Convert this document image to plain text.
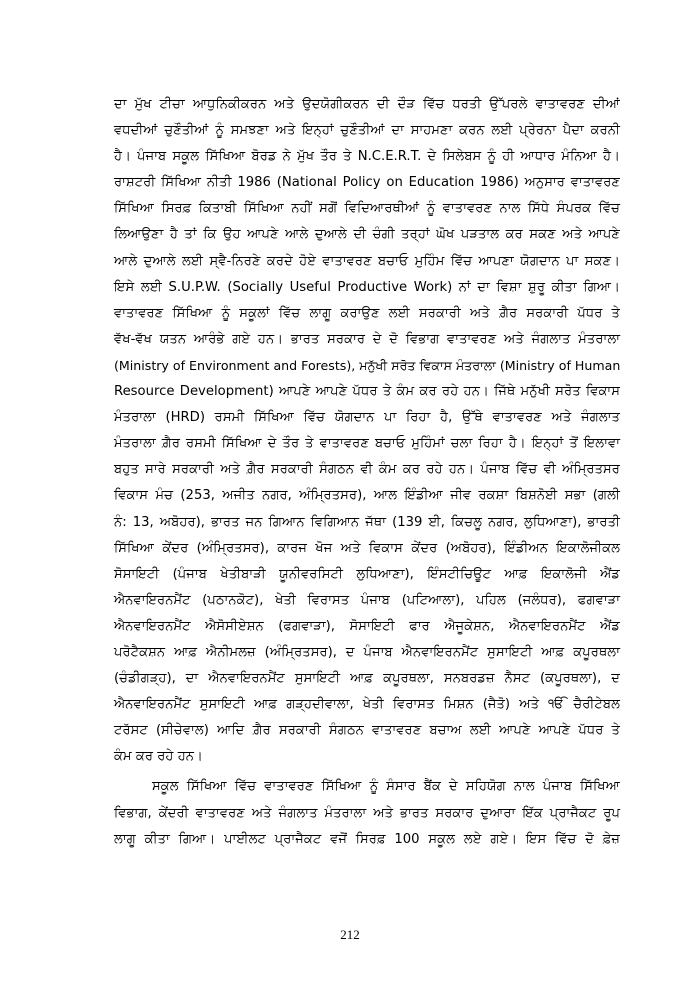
ਦਾ ਮੁੱਖ ਟੀਚਾ ਆਧੁਨਿਕੀਕਰਨ ਅਤੇ ਉਦਯੋਗੀਕਰਨ ਦੀ ਦੌੜ ਵਿੱਚ ਧਰਤੀ ਉੱਪਰਲੇ ਵਾਤਾਵਰਣ ਦੀਆਂ
ਵਧਦੀਆਂ ਚੁਣੌਤੀਆਂ ਨੂੰ ਸਮਝਣਾ ਅਤੇ ਇਨ੍ਹਾਂ ਚੁਣੌਤੀਆਂ ਦਾ ਸਾਹਮਣਾ ਕਰਨ ਲਈ ਪ੍ਰੇਰਨਾ ਪੈਦਾ ਕਰਨੀ
ਹੈ। ਪੰਜਾਬ ਸਕੂਲ ਸਿੱਖਿਆ ਬੋਰਡ ਨੇ ਮੁੱਖ ਤੌਰ ਤੇ N.C.E.R.T. ਦੇ ਸਿਲੇਬਸ ਨੂੰ ਹੀ ਆਧਾਰ ਮੰਨਿਆ ਹੈ।
ਰਾਸ਼ਟਰੀ ਸਿੱਖਿਆ ਨੀਤੀ 1986 (National Policy on Education 1986) ਅਨੁਸਾਰ ਵਾਤਾਵਰਣ
ਸਿੱਖਿਆ ਸਿਰਫ਼ ਕਿਤਾਬੀ ਸਿੱਖਿਆ ਨਹੀਂ ਸਗੋਂ ਵਿਦਿਆਰਥੀਆਂ ਨੂੰ ਵਾਤਾਵਰਣ ਨਾਲ ਸਿੱਧੇ ਸੰਪਰਕ ਵਿੱਚ
ਲਿਆਉਣਾ ਹੈ ਤਾਂ ਕਿ ਉਹ ਆਪਣੇ ਆਲੇ ਦੁਆਲੇ ਦੀ ਚੰਗੀ ਤਰ੍ਹਾਂ ਘੋਖ ਪੜਤਾਲ ਕਰ ਸਕਣ ਅਤੇ ਆਪਣੇ
ਆਲੇ ਦੁਆਲੇ ਲਈ ਸ੍ਵੈ-ਨਿਰਣੇ ਕਰਦੇ ਹੋਏ ਵਾਤਾਵਰਣ ਬਚਾਓ ਮੁਹਿੰਮ ਵਿੱਚ ਆਪਣਾ ਯੋਗਦਾਨ ਪਾ ਸਕਣ।
ਇਸੇ ਲਈ S.U.P.W. (Socially Useful Productive Work) ਨਾਂ ਦਾ ਵਿਸ਼ਾ ਸ਼ੁਰੂ ਕੀਤਾ ਗਿਆ।
ਵਾਤਾਵਰਣ ਸਿੱਖਿਆ ਨੂੰ ਸਕੂਲਾਂ ਵਿੱਚ ਲਾਗੂ ਕਰਾਉਣ ਲਈ ਸਰਕਾਰੀ ਅਤੇ ਗ਼ੈਰ ਸਰਕਾਰੀ ਪੱਧਰ ਤੇ
ਵੱਖ-ਵੱਖ ਯਤਨ ਆਰੰਭੇ ਗਏ ਹਨ। ਭਾਰਤ ਸਰਕਾਰ ਦੇ ਦੋ ਵਿਭਾਗ ਵਾਤਾਵਰਣ ਅਤੇ ਜੰਗਲਾਤ ਮੰਤਰਾਲਾ
(Ministry of Environment and Forests), ਮਨੁੱਖੀ ਸਰੋਤ ਵਿਕਾਸ ਮੰਤਰਾਲਾ (Ministry of Human
Resource Development) ਆਪਣੇ ਆਪਣੇ ਪੱਧਰ ਤੇ ਕੰਮ ਕਰ ਰਹੇ ਹਨ। ਜਿੱਥੇ ਮਨੁੱਖੀ ਸਰੋਤ ਵਿਕਾਸ
ਮੰਤਰਾਲਾ (HRD) ਰਸਮੀ ਸਿੱਖਿਆ ਵਿੱਚ ਯੋਗਦਾਨ ਪਾ ਰਿਹਾ ਹੈ, ਉੱਥੇ ਵਾਤਾਵਰਣ ਅਤੇ ਜੰਗਲਾਤ
ਮੰਤਰਾਲਾ ਗ਼ੈਰ ਰਸਮੀ ਸਿੱਖਿਆ ਦੇ ਤੌਰ ਤੇ ਵਾਤਾਵਰਣ ਬਚਾਓ ਮੁਹਿੰਮਾਂ ਚਲਾ ਰਿਹਾ ਹੈ। ਇਨ੍ਹਾਂ ਤੋਂ ਇਲਾਵਾ
ਬਹੁਤ ਸਾਰੇ ਸਰਕਾਰੀ ਅਤੇ ਗ਼ੈਰ ਸਰਕਾਰੀ ਸੰਗਠਨ ਵੀ ਕੰਮ ਕਰ ਰਹੇ ਹਨ। ਪੰਜਾਬ ਵਿੱਚ ਵੀ ਅੰਮ੍ਰਿਤਸਰ
ਵਿਕਾਸ ਮੰਚ (253, ਅਜੀਤ ਨਗਰ, ਅੰਮ੍ਰਿਤਸਰ), ਆਲ ਇੰਡੀਆ ਜੀਵ ਰਕਸ਼ਾ ਬਿਸ਼ਨੋਈ ਸਭਾ (ਗਲੀ
ਨੰ: 13, ਅਬੋਹਰ), ਭਾਰਤ ਜਨ ਗਿਆਨ ਵਿਗਿਆਨ ਜੱਥਾ (139 ਈ, ਕਿਚਲੂ ਨਗਰ, ਲੁਧਿਆਣਾ), ਭਾਰਤੀ
ਸਿੱਖਿਆ ਕੇਂਦਰ (ਅੰਮ੍ਰਿਤਸਰ), ਕਾਰਜ ਖੋਜ ਅਤੇ ਵਿਕਾਸ ਕੇਂਦਰ (ਅਬੋਹਰ), ਇੰਡੀਅਨ ਇਕਾਲੋਜੀਕਲ
ਸੋਸਾਇਟੀ (ਪੰਜਾਬ ਖੇਤੀਬਾੜੀ ਯੂਨੀਵਰਸਿਟੀ ਲੁਧਿਆਣਾ), ਇੰਸਟੀਚਿਊਟ ਆਫ਼ ਇਕਾਲੋਜੀ ਐਂਡ
ਐਨਵਾਇਰਨਮੈਂਟ (ਪਠਾਨਕੋਟ), ਖੇਤੀ ਵਿਰਾਸਤ ਪੰਜਾਬ (ਪਟਿਆਲਾ), ਪਹਿਲ (ਜਲੰਧਰ), ਫਗਵਾੜਾ
ਐਨਵਾਇਰਨਮੈਂਟ ਐਸੋਸੀਏਸ਼ਨ (ਫਗਵਾੜਾ), ਸੋਸਾਇਟੀ ਫਾਰ ਐਜੂਕੇਸ਼ਨ, ਐਨਵਾਇਰਨਮੈਂਟ ਐਂਡ
ਪਰੋਟੈਕਸ਼ਨ ਆਫ਼ ਐਨੀਮਲਜ਼ (ਅੰਮ੍ਰਿਤਸਰ), ਦ ਪੰਜਾਬ ਐਨਵਾਇਰਨਮੈਂਟ ਸੁਸਾਇਟੀ ਆਫ਼ ਕਪੂਰਥਲਾ
(ਚੰਡੀਗੜ੍ਹ), ਦਾ ਐਨਵਾਇਰਨਮੈਂਟ ਸੁਸਾਇਟੀ ਆਫ਼ ਕਪੂਰਥਲਾ, ਸਨਬਰਡਜ਼ ਨੈਸਟ (ਕਪੂਰਥਲਾ), ਦ
ਐਨਵਾਇਰਨਮੈਂਟ ਸੁਸਾਇਟੀ ਆਫ਼ ਗੜ੍ਹਦੀਵਾਲਾ, ਖੇਤੀ ਵਿਰਾਸਤ ਮਿਸ਼ਨ (ਜੈਤੋ) ਅਤੇ ੴ ਚੈਰੀਟੇਬਲ
ਟਰੱਸਟ (ਸੀਚੇਵਾਲ) ਆਦਿ ਗ਼ੈਰ ਸਰਕਾਰੀ ਸੰਗਠਨ ਵਾਤਾਵਰਣ ਬਚਾਅ ਲਈ ਆਪਣੇ ਆਪਣੇ ਪੱਧਰ ਤੇ
ਕੰਮ ਕਰ ਰਹੇ ਹਨ।
ਸਕੂਲ ਸਿੱਖਿਆ ਵਿੱਚ ਵਾਤਾਵਰਣ ਸਿੱਖਿਆ ਨੂੰ ਸੰਸਾਰ ਬੈਂਕ ਦੇ ਸਹਿਯੋਗ ਨਾਲ ਪੰਜਾਬ ਸਿੱਖਿਆ
ਵਿਭਾਗ, ਕੇਂਦਰੀ ਵਾਤਾਵਰਣ ਅਤੇ ਜੰਗਲਾਤ ਮੰਤਰਾਲਾ ਅਤੇ ਭਾਰਤ ਸਰਕਾਰ ਦੁਆਰਾ ਇੱਕ ਪ੍ਰਾਜੈਕਟ ਰੂਪ
ਲਾਗੂ ਕੀਤਾ ਗਿਆ। ਪਾਈਲਟ ਪ੍ਰਾਜੈਕਟ ਵਜੋਂ ਸਿਰਫ਼ 100 ਸਕੂਲ ਲਏ ਗਏ। ਇਸ ਵਿੱਚ ਦੋ ਫ਼ੇਜ਼
212
